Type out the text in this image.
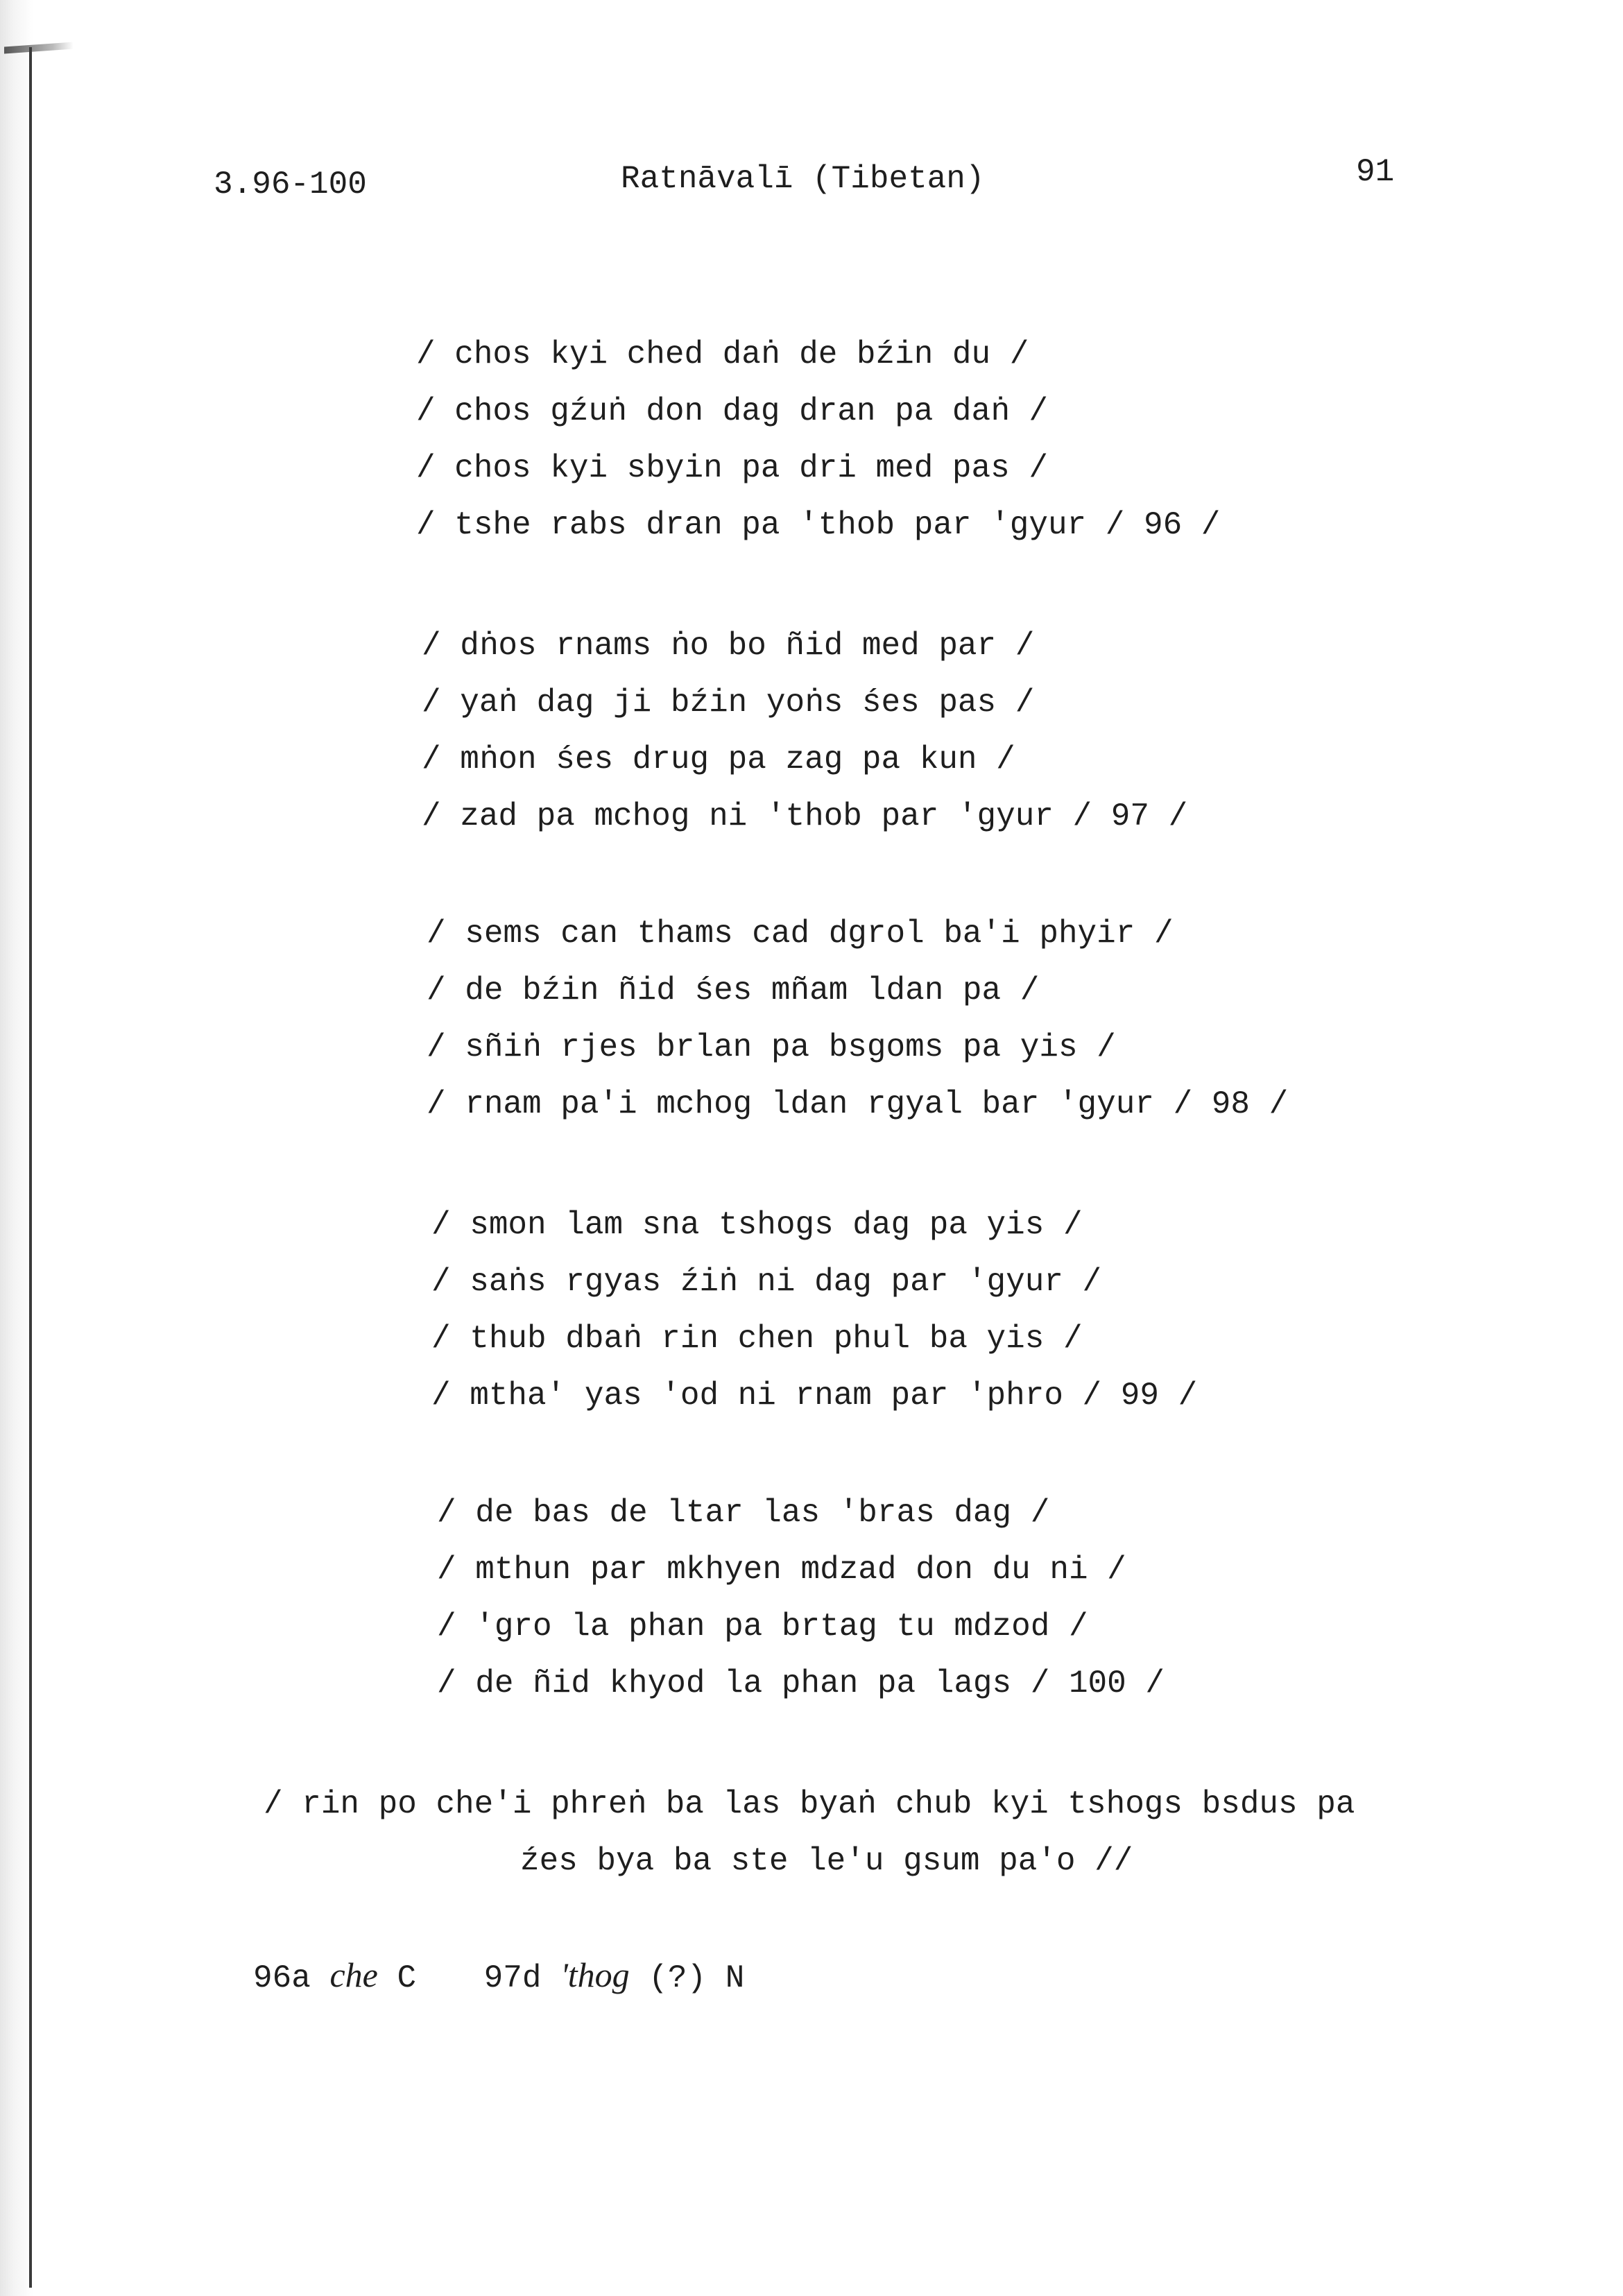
3.96-100	Ratnāvalī (Tibetan)	91
/ chos kyi ched daṅ de bźin du /
/ chos gźuṅ don dag dran pa daṅ /
/ chos kyi sbyin pa dri med pas /
/ tshe rabs dran pa 'thob par 'gyur / 96 /
/ dṅos rnams ṅo bo ñid med par /
/ yaṅ dag ji bźin yoṅs śes pas /
/ mṅon śes drug pa zag pa kun /
/ zad pa mchog ni 'thob par 'gyur / 97 /
/ sems can thams cad dgrol ba'i phyir /
/ de bźin ñid śes mñam ldan pa /
/ sñiṅ rjes brlan pa bsgoms pa yis /
/ rnam pa'i mchog ldan rgyal bar 'gyur / 98 /
/ smon lam sna tshogs dag pa yis /
/ saṅs rgyas źiṅ ni dag par 'gyur /
/ thub dbaṅ rin chen phul ba yis /
/ mtha' yas 'od ni rnam par 'phro / 99 /
/ de bas de ltar las 'bras dag /
/ mthun par mkhyen mdzad don du ni /
/ 'gro la phan pa brtag tu mdzod /
/ de ñid khyod la phan pa lags / 100 /
/ rin po che'i phreṅ ba las byaṅ chub kyi tshogs bsdus pa
źes bya ba ste le'u gsum pa'o //
96a che C 97d 'thog (?) N
